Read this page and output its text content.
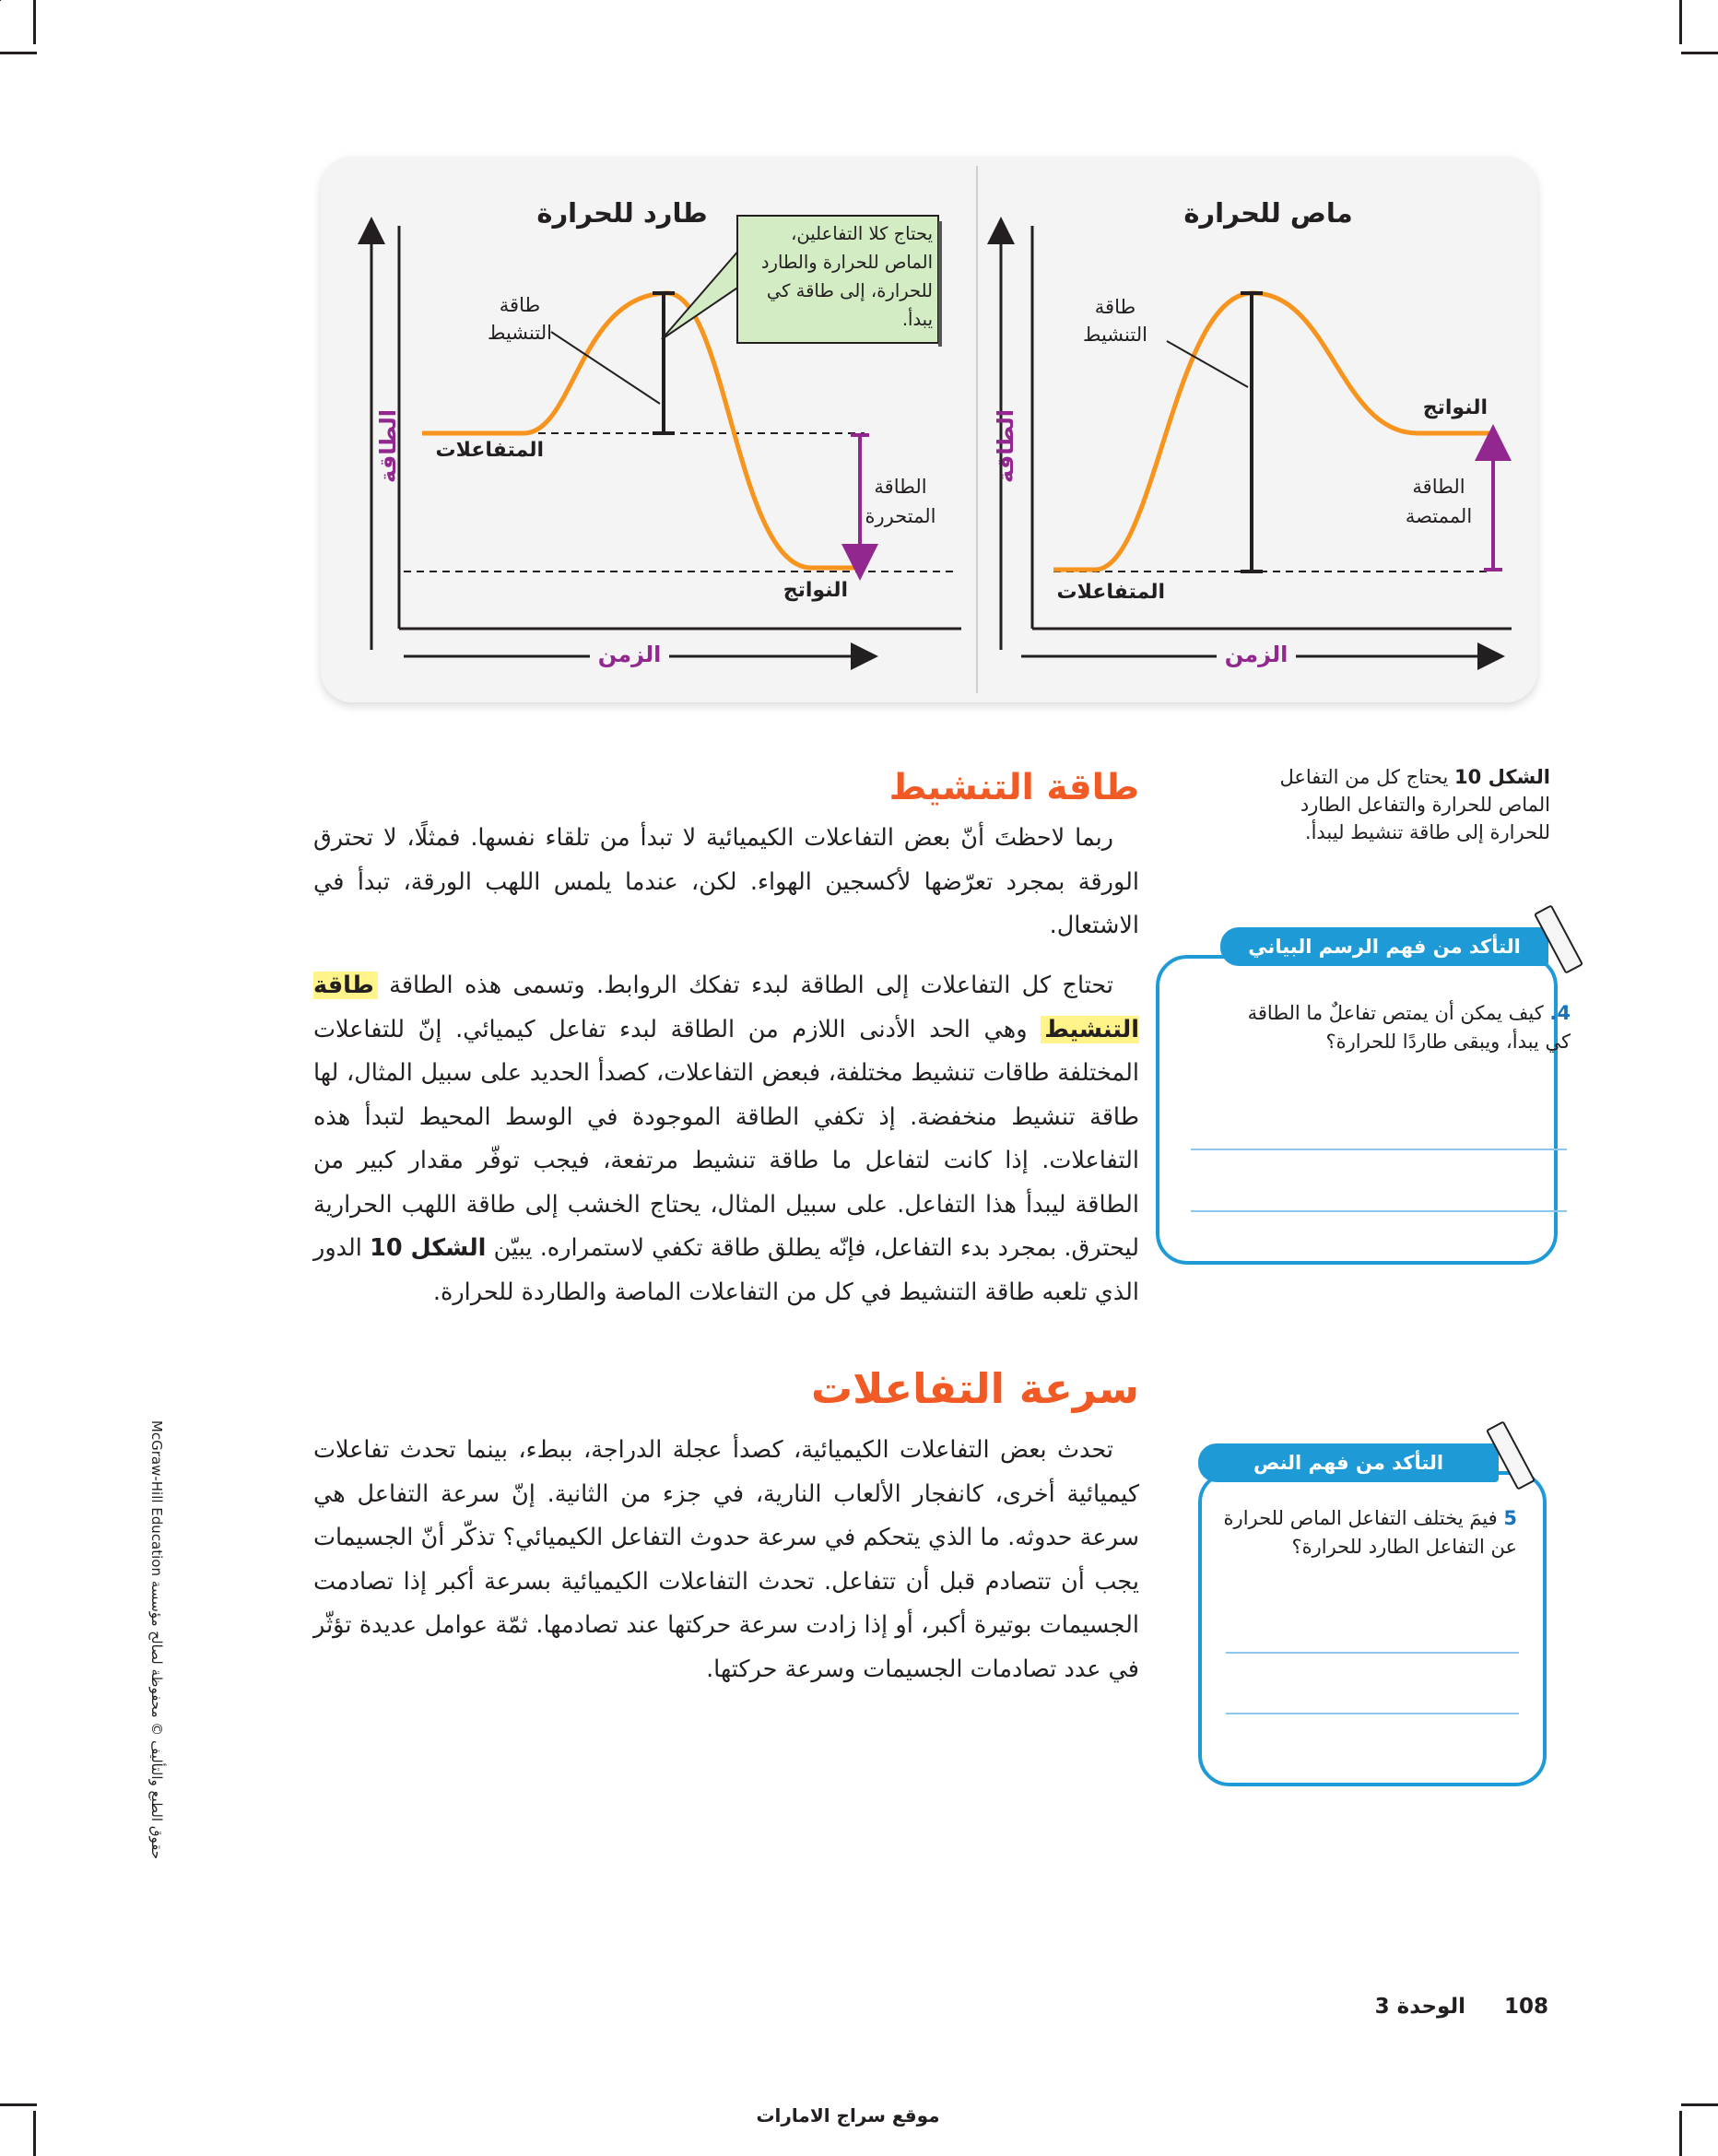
طارد للحرارة
الطاقة
الزمن
طاقة التنشيط
المتفاعلات
النواتج
الطاقة المتحررة
يحتاج كلا التفاعلين، الماص للحرارة والطارد للحرارة، إلى طاقة كي يبدأ.
ماص للحرارة
الطاقة
الزمن
طاقة التنشيط
النواتج
المتفاعلات
الطاقة الممتصة
الشكل 10 يحتاج كل من التفاعل الماص للحرارة والتفاعل الطارد للحرارة إلى طاقة تنشيط ليبدأ.
طاقة التنشيط
ربما لاحظتَ أنّ بعض التفاعلات الكيميائية لا تبدأ من تلقاء نفسها. فمثلًا، لا تحترق الورقة بمجرد تعرّضها لأكسجين الهواء. لكن، عندما يلمس اللهب الورقة، تبدأ في الاشتعال.
تحتاج كل التفاعلات إلى الطاقة لبدء تفكك الروابط. وتسمى هذه الطاقة طاقة التنشيط وهي الحد الأدنى اللازم من الطاقة لبدء تفاعل كيميائي. إنّ للتفاعلات المختلفة طاقات تنشيط مختلفة، فبعض التفاعلات، كصدأ الحديد على سبيل المثال، لها طاقة تنشيط منخفضة. إذ تكفي الطاقة الموجودة في الوسط المحيط لتبدأ هذه التفاعلات. إذا كانت لتفاعل ما طاقة تنشيط مرتفعة، فيجب توفّر مقدار كبير من الطاقة ليبدأ هذا التفاعل. على سبيل المثال، يحتاج الخشب إلى طاقة اللهب الحرارية ليحترق. بمجرد بدء التفاعل، فإنّه يطلق طاقة تكفي لاستمراره. يبيّن الشكل 10 الدور الذي تلعبه طاقة التنشيط في كل من التفاعلات الماصة والطاردة للحرارة.
سرعة التفاعلات
تحدث بعض التفاعلات الكيميائية، كصدأ عجلة الدراجة، ببطء، بينما تحدث تفاعلات كيميائية أخرى، كانفجار الألعاب النارية، في جزء من الثانية. إنّ سرعة التفاعل هي سرعة حدوثه. ما الذي يتحكم في سرعة حدوث التفاعل الكيميائي؟ تذكّر أنّ الجسيمات يجب أن تتصادم قبل أن تتفاعل. تحدث التفاعلات الكيميائية بسرعة أكبر إذا تصادمت الجسيمات بوتيرة أكبر، أو إذا زادت سرعة حركتها عند تصادمها. ثمّة عوامل عديدة تؤثّر في عدد تصادمات الجسيمات وسرعة حركتها.
التأكد من فهم الرسم البياني
4. كيف يمكن أن يمتص تفاعلٌ ما الطاقة كي يبدأ، ويبقى طاردًا للحرارة؟
التأكد من فهم النص
5 فيمَ يختلف التفاعل الماص للحرارة عن التفاعل الطارد للحرارة؟
حقوق الطبع والتأليف © محفوظة لصالح مؤسسة McGraw-Hill Education
108
الوحدة 3
موقع سراج الامارات
